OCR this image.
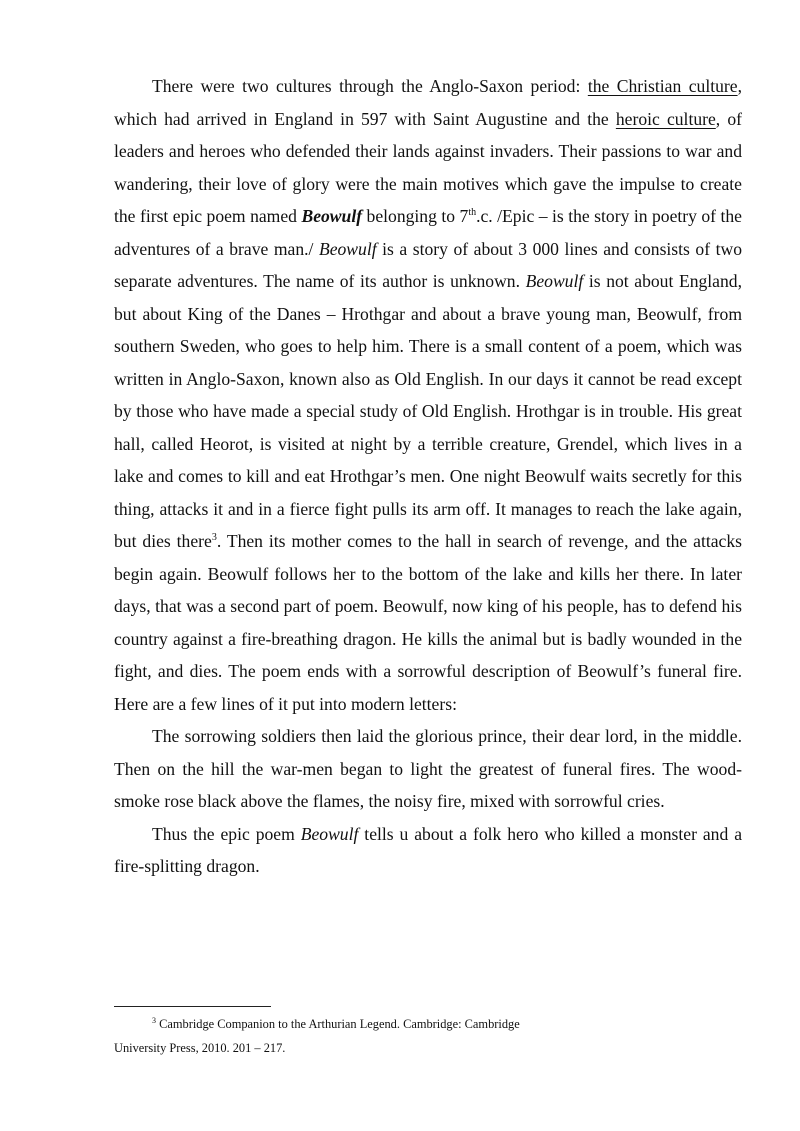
There were two cultures through the Anglo-Saxon period: the Christian culture, which had arrived in England in 597 with Saint Augustine and the heroic culture, of leaders and heroes who defended their lands against invaders. Their passions to war and wandering, their love of glory were the main motives which gave the impulse to create the first epic poem named Beowulf belonging to 7th.c. /Epic – is the story in poetry of the adventures of a brave man./ Beowulf is a story of about 3 000 lines and consists of two separate adventures. The name of its author is unknown. Beowulf is not about England, but about King of the Danes – Hrothgar and about a brave young man, Beowulf, from southern Sweden, who goes to help him. There is a small content of a poem, which was written in Anglo-Saxon, known also as Old English. In our days it cannot be read except by those who have made a special study of Old English. Hrothgar is in trouble. His great hall, called Heorot, is visited at night by a terrible creature, Grendel, which lives in a lake and comes to kill and eat Hrothgar’s men. One night Beowulf waits secretly for this thing, attacks it and in a fierce fight pulls its arm off. It manages to reach the lake again, but dies there$^3$. Then its mother comes to the hall in search of revenge, and the attacks begin again. Beowulf follows her to the bottom of the lake and kills her there. In later days, that was a second part of poem. Beowulf, now king of his people, has to defend his country against a fire-breathing dragon. He kills the animal but is badly wounded in the fight, and dies. The poem ends with a sorrowful description of Beowulf’s funeral fire. Here are a few lines of it put into modern letters:

The sorrowing soldiers then laid the glorious prince, their dear lord, in the middle. Then on the hill the war-men began to light the greatest of funeral fires. The wood-smoke rose black above the flames, the noisy fire, mixed with sorrowful cries.

Thus the epic poem Beowulf tells u about a folk hero who killed a monster and a fire-splitting dragon.

$^3$ Cambridge Companion to the Arthurian Legend. Cambridge: Cambridge
University Press, 2010. 201 – 217.
